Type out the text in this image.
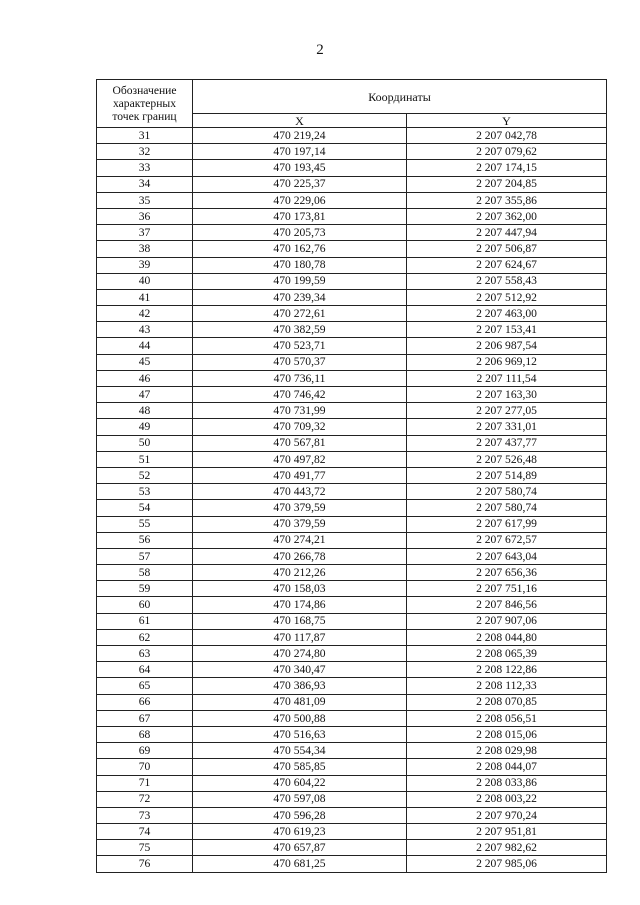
2
Обозначение характерных точек границ	Координаты	
	X	Y
31	470 219,24	2 207 042,78
32	470 197,14	2 207 079,62
33	470 193,45	2 207 174,15
34	470 225,37	2 207 204,85
35	470 229,06	2 207 355,86
36	470 173,81	2 207 362,00
37	470 205,73	2 207 447,94
38	470 162,76	2 207 506,87
39	470 180,78	2 207 624,67
40	470 199,59	2 207 558,43
41	470 239,34	2 207 512,92
42	470 272,61	2 207 463,00
43	470 382,59	2 207 153,41
44	470 523,71	2 206 987,54
45	470 570,37	2 206 969,12
46	470 736,11	2 207 111,54
47	470 746,42	2 207 163,30
48	470 731,99	2 207 277,05
49	470 709,32	2 207 331,01
50	470 567,81	2 207 437,77
51	470 497,82	2 207 526,48
52	470 491,77	2 207 514,89
53	470 443,72	2 207 580,74
54	470 379,59	2 207 580,74
55	470 379,59	2 207 617,99
56	470 274,21	2 207 672,57
57	470 266,78	2 207 643,04
58	470 212,26	2 207 656,36
59	470 158,03	2 207 751,16
60	470 174,86	2 207 846,56
61	470 168,75	2 207 907,06
62	470 117,87	2 208 044,80
63	470 274,80	2 208 065,39
64	470 340,47	2 208 122,86
65	470 386,93	2 208 112,33
66	470 481,09	2 208 070,85
67	470 500,88	2 208 056,51
68	470 516,63	2 208 015,06
69	470 554,34	2 208 029,98
70	470 585,85	2 208 044,07
71	470 604,22	2 208 033,86
72	470 597,08	2 208 003,22
73	470 596,28	2 207 970,24
74	470 619,23	2 207 951,81
75	470 657,87	2 207 982,62
76	470 681,25	2 207 985,06
